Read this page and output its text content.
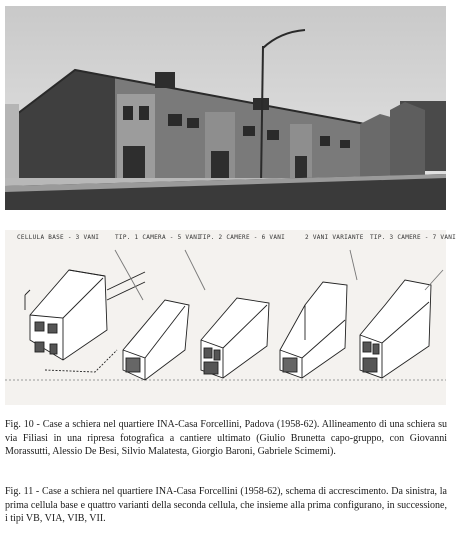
CELLULA BASE - 3 VANI	TIP. 1 CAMERA - 5 VANI
TIP. 2 CAMERE - 6 VANI	2 VANI VARIANTE TIP. 3 CAMERE - 7 VANI

Fig. 10 - Case a schiera nel quartiere INA-Casa Forcellini, Padova (1958-62). Allineamento di una schiera su via Filiasi in una ripresa fotografica a cantiere ultimato (Giulio Brunetta capo-gruppo, con Giovanni Morassutti, Alessio De Besi, Silvio Malatesta, Giorgio Baroni, Gabriele Scimemi).

Fig. 11 - Case a schiera nel quartiere INA-Casa Forcellini (1958-62), schema di accrescimento. Da sinistra, la prima cellula base e quattro varianti della seconda cellula, che insieme alla prima configurano, in successione, i tipi VB, VIA, VIB, VII.
